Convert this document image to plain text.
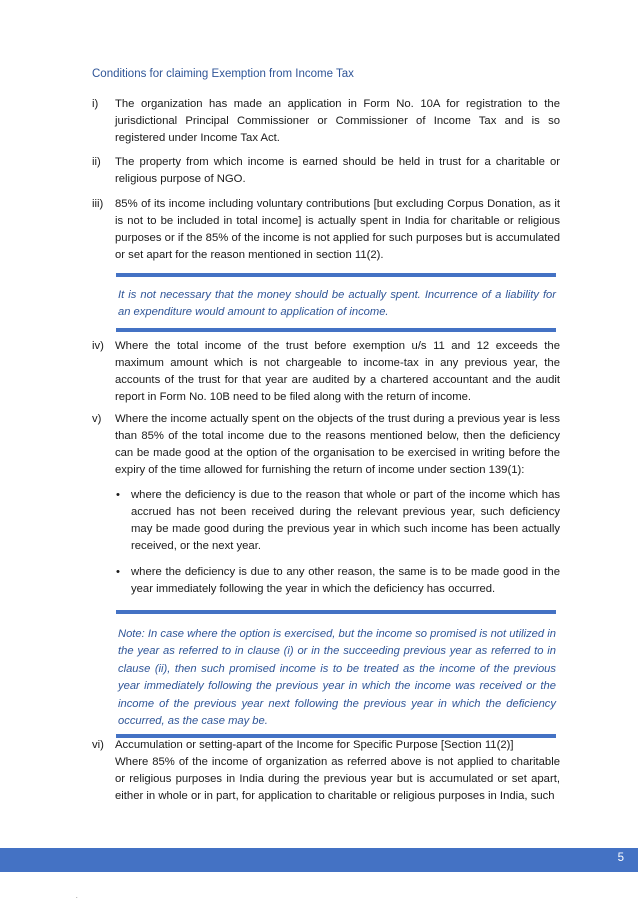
Conditions for claiming Exemption from Income Tax
i)	The organization has made an application in Form No. 10A for registration to the jurisdictional Principal Commissioner or Commissioner of Income Tax and is so registered under Income Tax Act.
ii)	The property from which income is earned should be held in trust for a charitable or religious purpose of NGO.
iii)	85% of its income including voluntary contributions [but excluding Corpus Donation, as it is not to be included in total income] is actually spent in India for charitable or religious purposes or if the 85% of the income is not applied for such purposes but is accumulated or set apart for the reason mentioned in section 11(2).
It is not necessary that the money should be actually spent. Incurrence of a liability for an expenditure would amount to application of income.
iv) Where the total income of the trust before exemption u/s 11 and 12 exceeds the maximum amount which is not chargeable to income-tax in any previous year, the accounts of the trust for that year are audited by a chartered accountant and the audit report in Form No. 10B need to be filed along with the return of income.
v)	Where the income actually spent on the objects of the trust during a previous year is less than 85% of the total income due to the reasons mentioned below, then the deficiency can be made good at the option of the organisation to be exercised in writing before the expiry of the time allowed for furnishing the return of income under section 139(1):
• where the deficiency is due to the reason that whole or part of the income which has accrued has not been received during the relevant previous year, such deficiency may be made good during the previous year in which such income has been actually received, or the next year.
• where the deficiency is due to any other reason, the same is to be made good in the year immediately following the year in which the deficiency has occurred.
Note: In case where the option is exercised, but the income so promised is not utilized in the year as referred to in clause (i) or in the succeeding previous year as referred to in clause (ii), then such promised income is to be treated as the income of the previous year immediately following the previous year in which the income was received or the income of the previous year next following the previous year in which the deficiency occurred, as the case may be.
vi) Accumulation or setting-apart of the Income for Specific Purpose [Section 11(2)]
Where 85% of the income of organization as referred above is not applied to charitable or religious purposes in India during the previous year but is accumulated or set apart, either in whole or in part, for application to charitable or religious purposes in India, such
5
.
